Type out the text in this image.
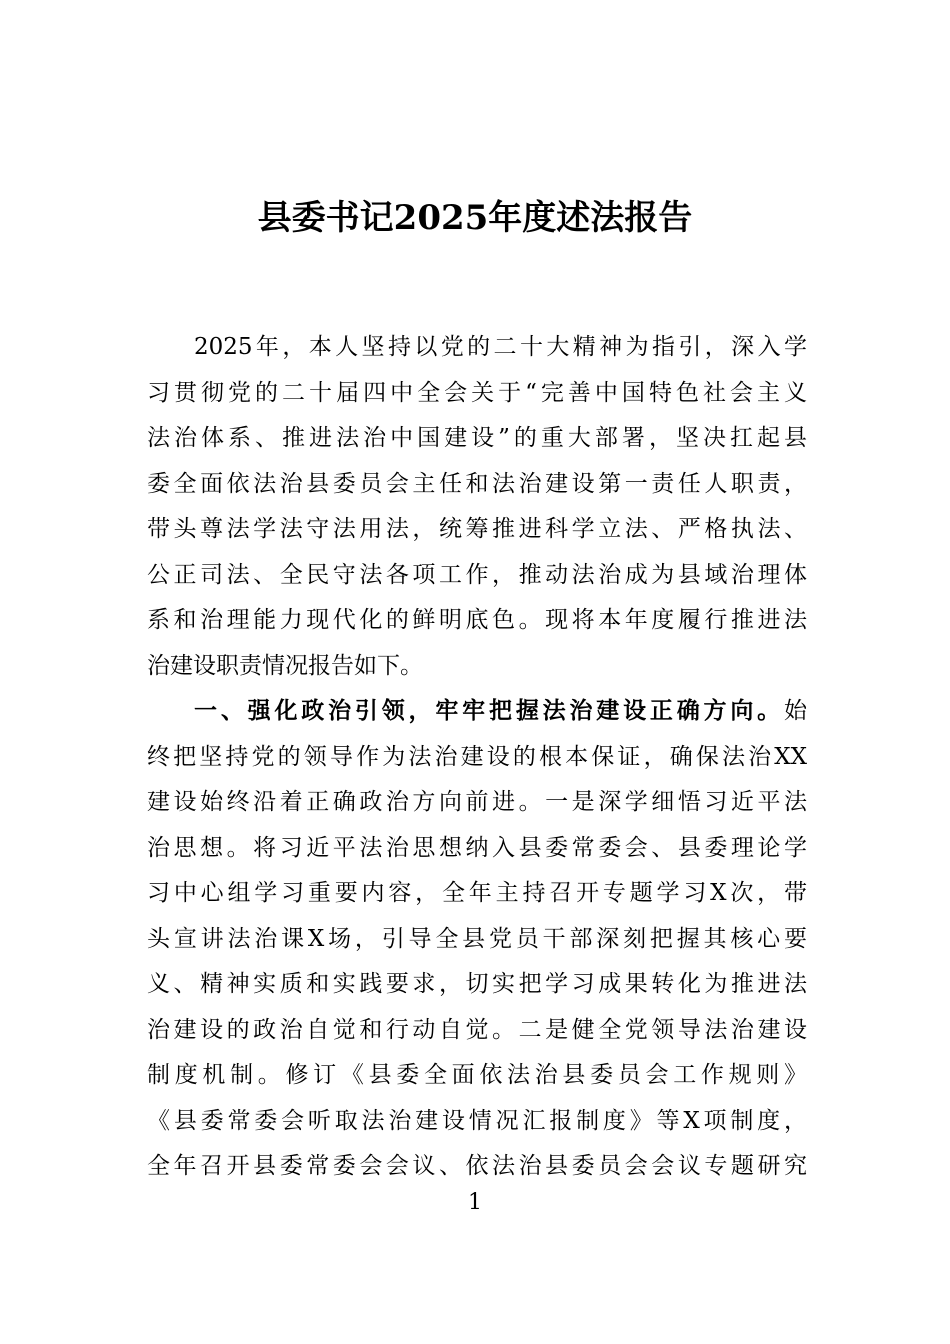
县委书记2025年度述法报告
2025年，本人坚持以党的二十大精神为指引，深入学
习贯彻党的二十届四中全会关于“完善中国特色社会主义
法治体系、推进法治中国建设”的重大部署，坚决扛起县
委全面依法治县委员会主任和法治建设第一责任人职责，
带头尊法学法守法用法，统筹推进科学立法、严格执法、
公正司法、全民守法各项工作，推动法治成为县域治理体
系和治理能力现代化的鲜明底色。现将本年度履行推进法
治建设职责情况报告如下。
一、强化政治引领，牢牢把握法治建设正确方向。始
终把坚持党的领导作为法治建设的根本保证，确保法治XX
建设始终沿着正确政治方向前进。一是深学细悟习近平法
治思想。将习近平法治思想纳入县委常委会、县委理论学
习中心组学习重要内容，全年主持召开专题学习X次，带
头宣讲法治课X场，引导全县党员干部深刻把握其核心要
义、精神实质和实践要求，切实把学习成果转化为推进法
治建设的政治自觉和行动自觉。二是健全党领导法治建设
制度机制。修订《县委全面依法治县委员会工作规则》
《县委常委会听取法治建设情况汇报制度》等X项制度，
全年召开县委常委会会议、依法治县委员会会议专题研究
1
